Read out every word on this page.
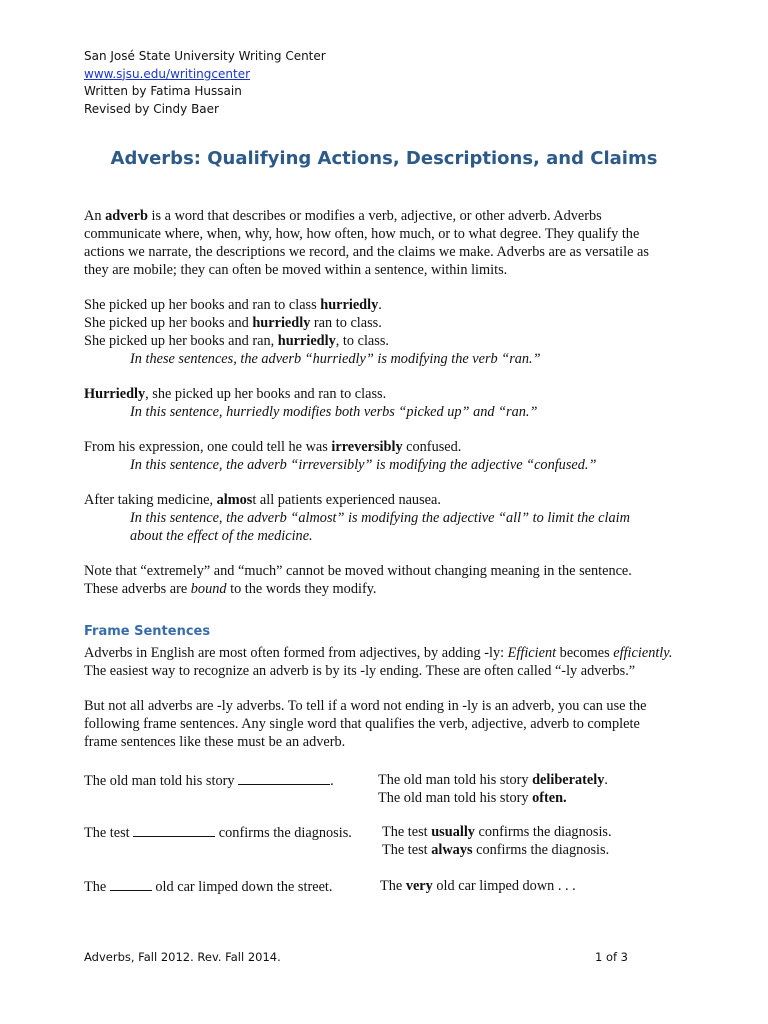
San José State University Writing Center
www.sjsu.edu/writingcenter
Written by Fatima Hussain
Revised by Cindy Baer
Adverbs: Qualifying Actions, Descriptions, and Claims

An adverb is a word that describes or modifies a verb, adjective, or other adverb. Adverbs communicate where, when, why, how, how often, how much, or to what degree. They qualify the actions we narrate, the descriptions we record, and the claims we make. Adverbs are as versatile as they are mobile; they can often be moved within a sentence, within limits.

She picked up her books and ran to class hurriedly.

She picked up her books and hurriedly ran to class.

She picked up her books and ran, hurriedly, to class.

In these sentences, the adverb “hurriedly” is modifying the verb “ran.”

Hurriedly, she picked up her books and ran to class.

In this sentence, hurriedly modifies both verbs “picked up” and “ran.”

From his expression, one could tell he was irreversibly confused.

In this sentence, the adverb “irreversibly” is modifying the adjective “confused.”

After taking medicine, almost all patients experienced nausea.

In this sentence, the adverb “almost” is modifying the adjective “all” to limit the claim

about the effect of the medicine.

Note that “extremely” and “much” cannot be moved without changing meaning in the sentence.

These adverbs are bound to the words they modify.

Frame Sentences

Adverbs in English are most often formed from adjectives, by adding -ly: Efficient becomes efficiently. The easiest way to recognize an adverb is by its -ly ending. These are often called “-ly adverbs.”

But not all adverbs are -ly adverbs. To tell if a word not ending in -ly is an adverb, you can use the following frame sentences. Any single word that qualifies the verb, adjective, adverb to complete frame sentences like these must be an adverb.

The old man told his story	.	The old man told his story deliberately.
The old man told his story often.
The test	confirms the diagnosis. The test usually confirms the diagnosis.
The test always confirms the diagnosis.
The	old car limped down the street.	The very old car limped down . . .
Adverbs, Fall 2012. Rev. Fall 2014.	1 of 3
